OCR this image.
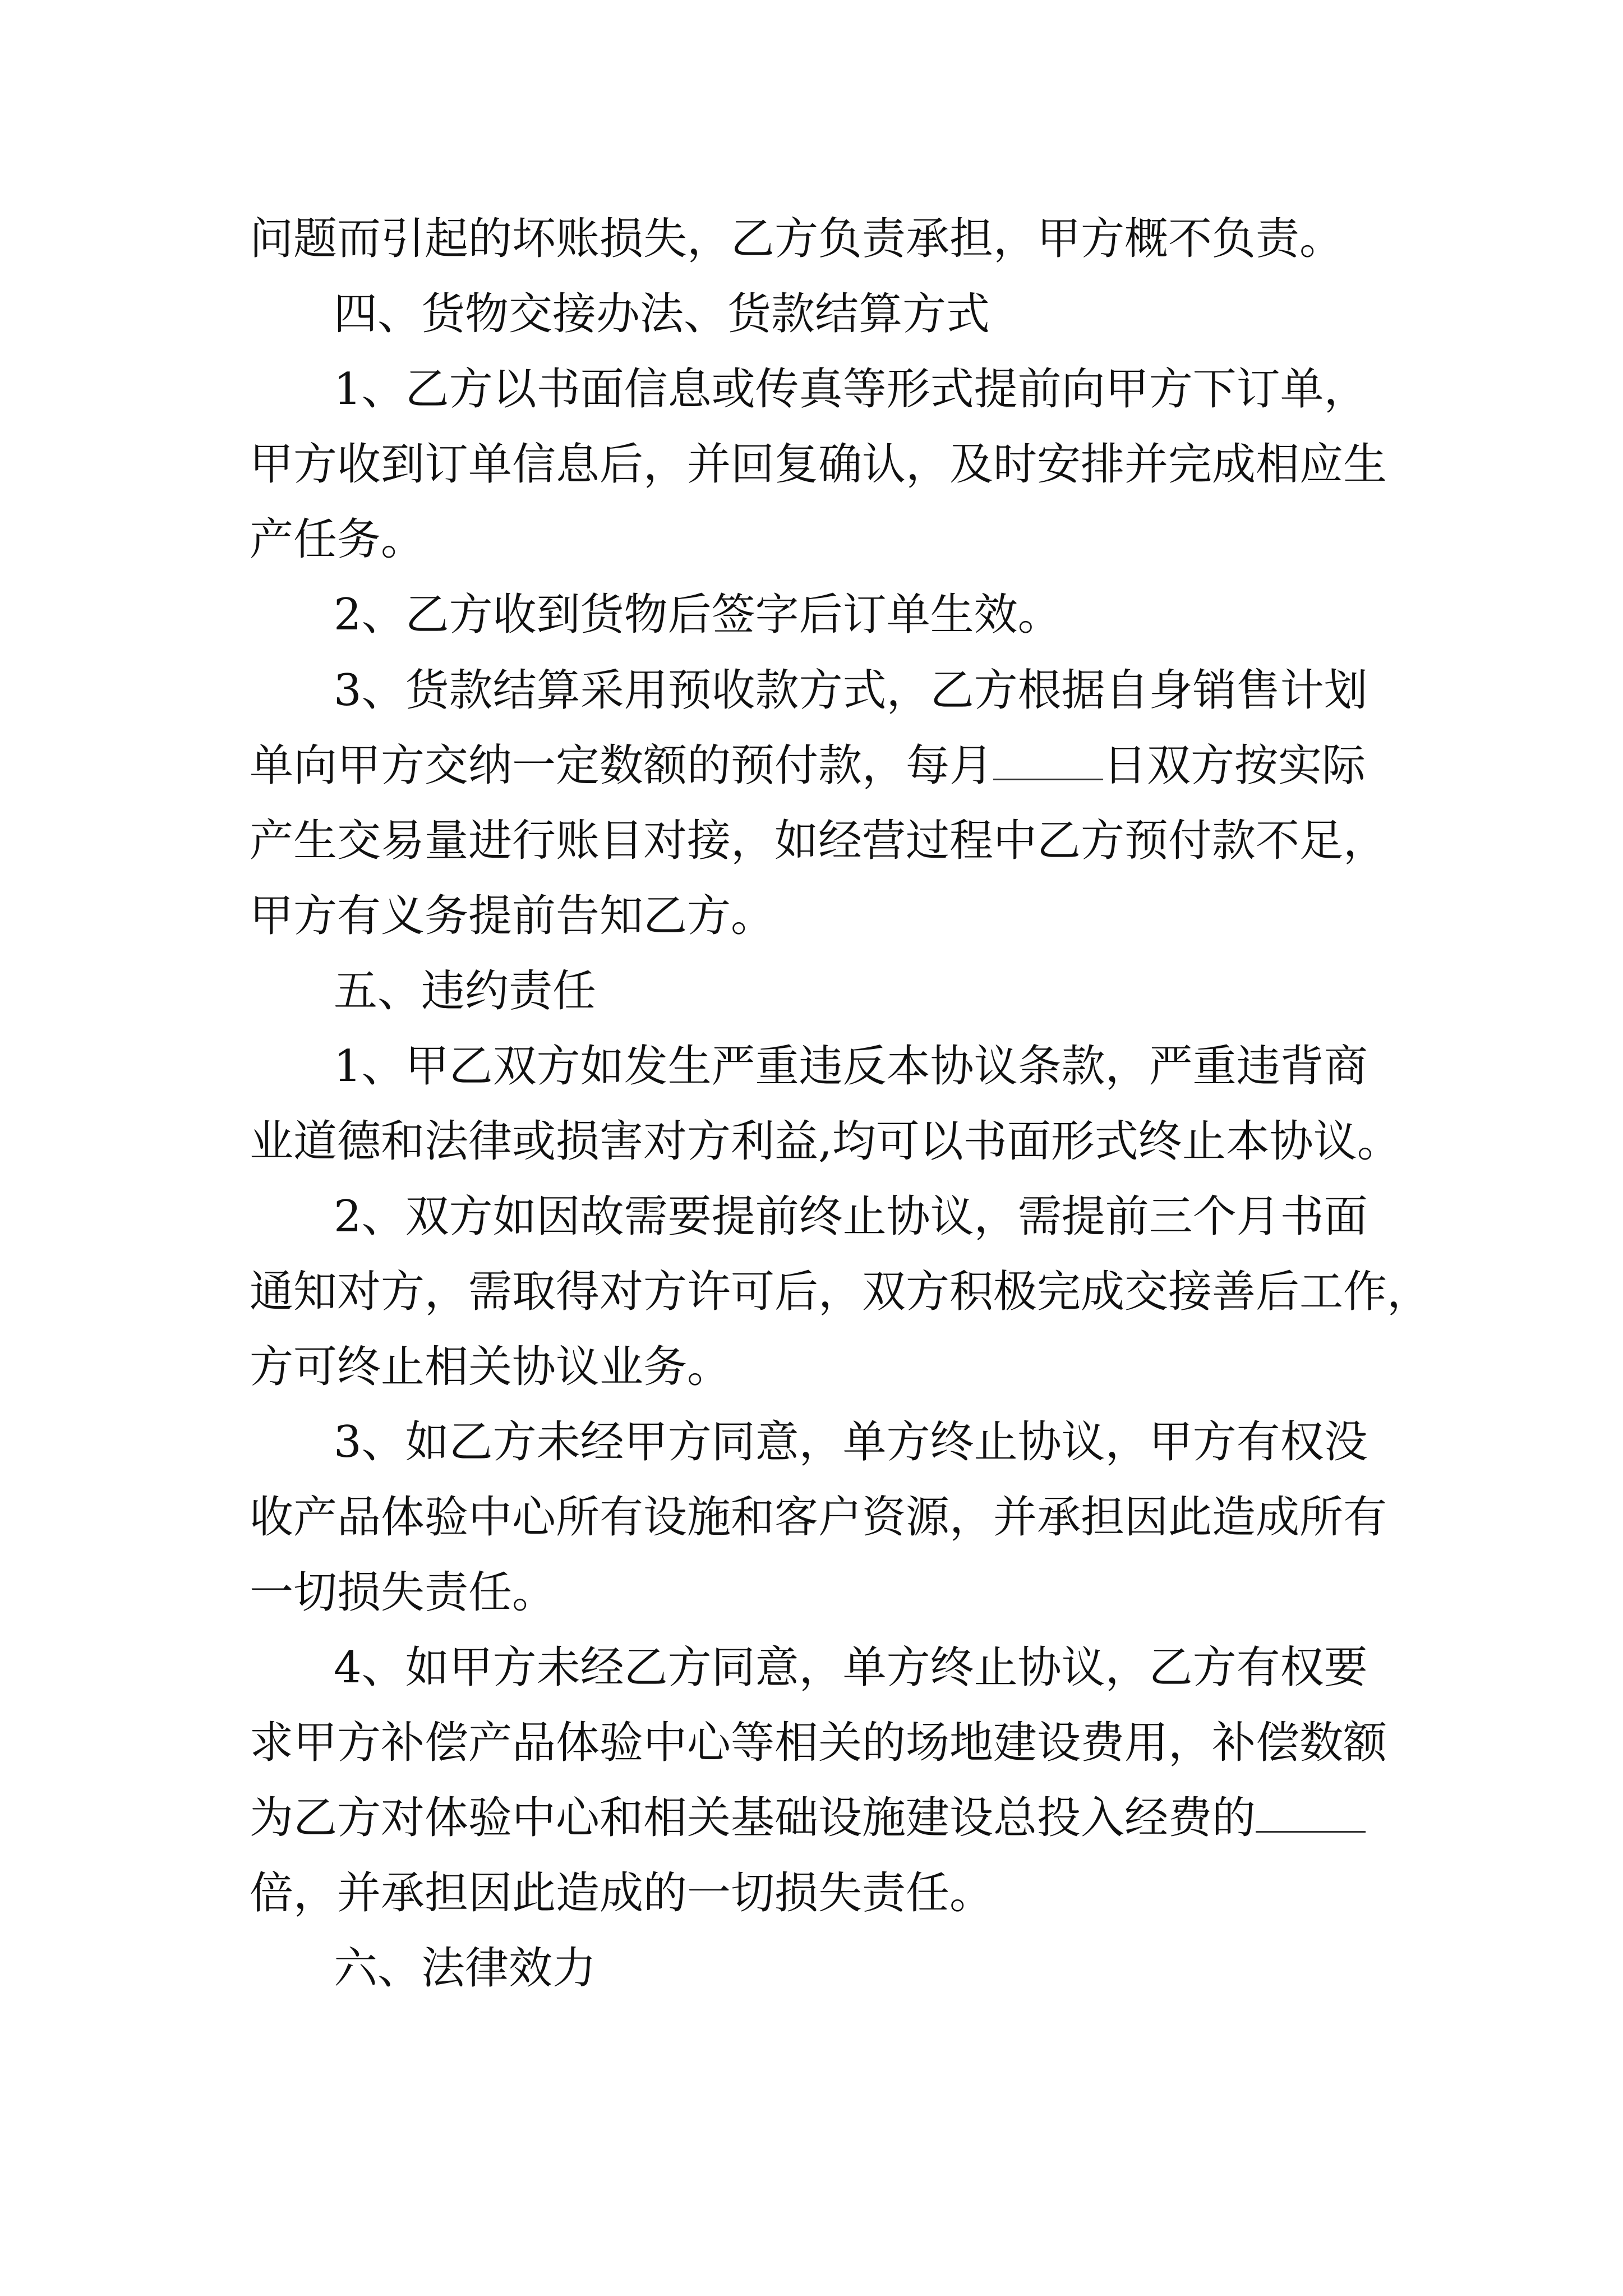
问题而引起的坏账损失，乙方负责承担，甲方概不负责。
四、货物交接办法、货款结算方式
1、乙方以书面信息或传真等形式提前向甲方下订单，
甲方收到订单信息后，并回复确认，及时安排并完成相应生
产任务。
2、乙方收到货物后签字后订单生效。
3、货款结算采用预收款方式，乙方根据自身销售计划
单向甲方交纳一定数额的预付款，每月	日双方按实际
产生交易量进行账目对接，如经营过程中乙方预付款不足，
甲方有义务提前告知乙方。
五、违约责任
1、甲乙双方如发生严重违反本协议条款，严重违背商
业道德和法律或损害对方利益,均可以书面形式终止本协议。
2、双方如因故需要提前终止协议，需提前三个月书面
通知对方，需取得对方许可后，双方积极完成交接善后工作，
方可终止相关协议业务。
3、如乙方未经甲方同意，单方终止协议，甲方有权没
收产品体验中心所有设施和客户资源，并承担因此造成所有
一切损失责任。
4、如甲方未经乙方同意，单方终止协议，乙方有权要
求甲方补偿产品体验中心等相关的场地建设费用，补偿数额
为乙方对体验中心和相关基础设施建设总投入经费的
倍，并承担因此造成的一切损失责任。
六、法律效力
